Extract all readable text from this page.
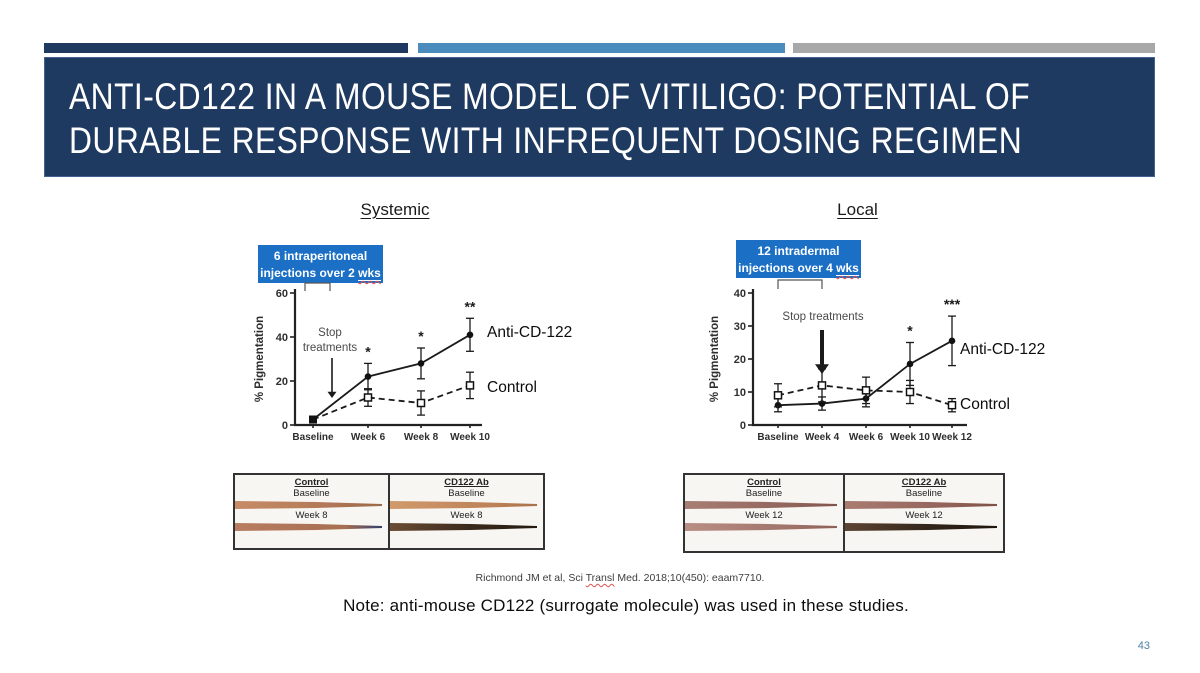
ANTI-CD122 IN A MOUSE MODEL OF VITILIGO: POTENTIAL OF
DURABLE RESPONSE WITH INFREQUENT DOSING REGIMEN
Systemic	Local
6 intraperitoneal
injections over 2 wks
12 intradermal
injections over 4 wks
0
20
40
60
Baseline Week 6 Week 8 Week 10
% Pigmentation	Stop
treatments *
*
**
Anti-CD-122
Control
0
10
20
30
40
Baseline Week 4 Week 6 Week 10 Week 12
% Pigmentation	Stop treatments
*
***
Anti-CD-122
Control
Control
Baseline
Week 8
CD122 Ab
Baseline
Week 8
Control
Baseline
Week 12
CD122 Ab
Baseline
Week 12
Richmond JM et al, Sci Transl Med. 2018;10(450): eaam7710.
Note: anti-mouse CD122 (surrogate molecule) was used in these studies.
43
